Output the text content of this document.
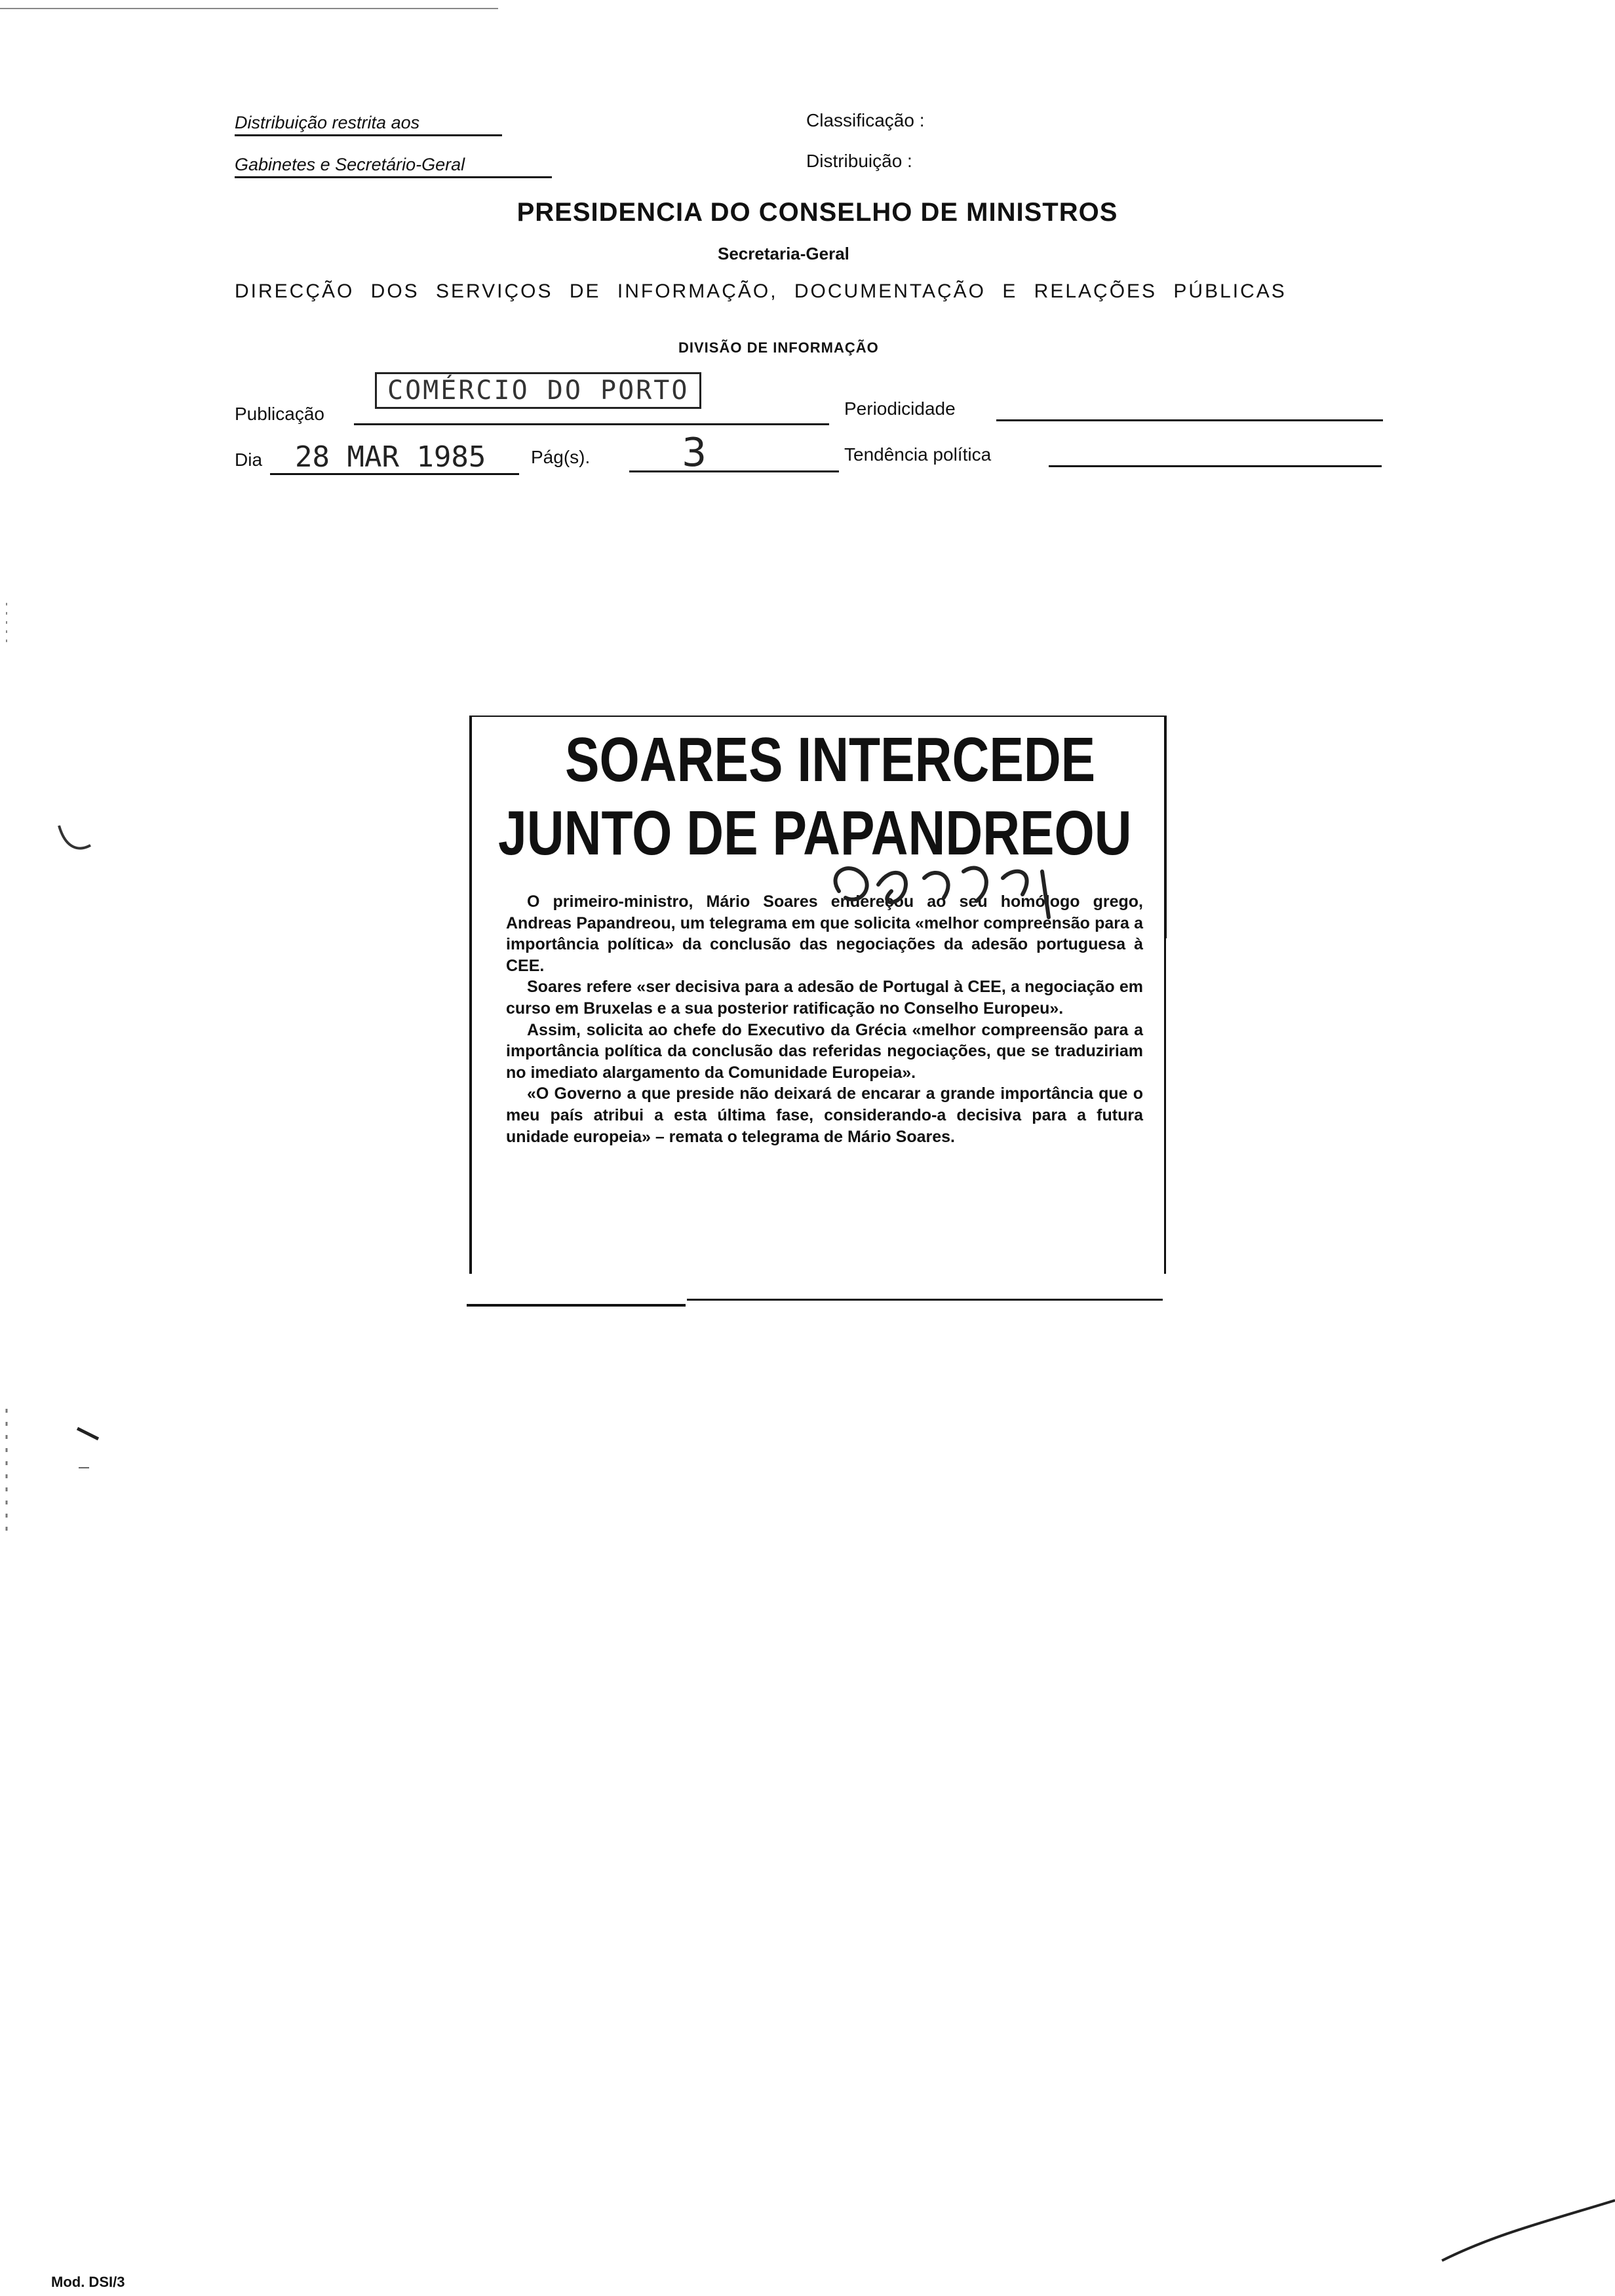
Distribuição restrita aos
Gabinetes e Secretário-Geral
Classificação :
Distribuição :
PRESIDENCIA DO CONSELHO DE MINISTROS
Secretaria-Geral
DIRECÇÃO DOS SERVIÇOS DE INFORMAÇÃO, DOCUMENTAÇÃO E RELAÇÕES PÚBLICAS
DIVISÃO DE INFORMAÇÃO
Publicação
COMÉRCIO DO PORTO
Periodicidade
Dia 28 MAR 1985 Pág(s). 3	Tendência política
SOARES INTERCEDE
JUNTO DE PAPANDREOU

O primeiro-ministro, Mário Soares endereçou ao seu homólogo grego, Andreas Papandreou, um telegrama em que solicita «melhor compreensão para a importância política» da conclusão das negociações da adesão portuguesa à CEE.

Soares refere «ser decisiva para a adesão de Portugal à CEE, a negociação em curso em Bruxelas e a sua posterior ratificação no Conselho Europeu».

Assim, solicita ao chefe do Executivo da Grécia «melhor compreensão para a importância política da conclusão das referidas negociações, que se traduziriam no imediato alargamento da Comunidade Europeia».

«O Governo a que preside não deixará de encarar a grande importância que o meu país atribui a esta última fase, considerando-a decisiva para a futura unidade europeia» – remata o telegrama de Mário Soares.

Mod. DSI/3
